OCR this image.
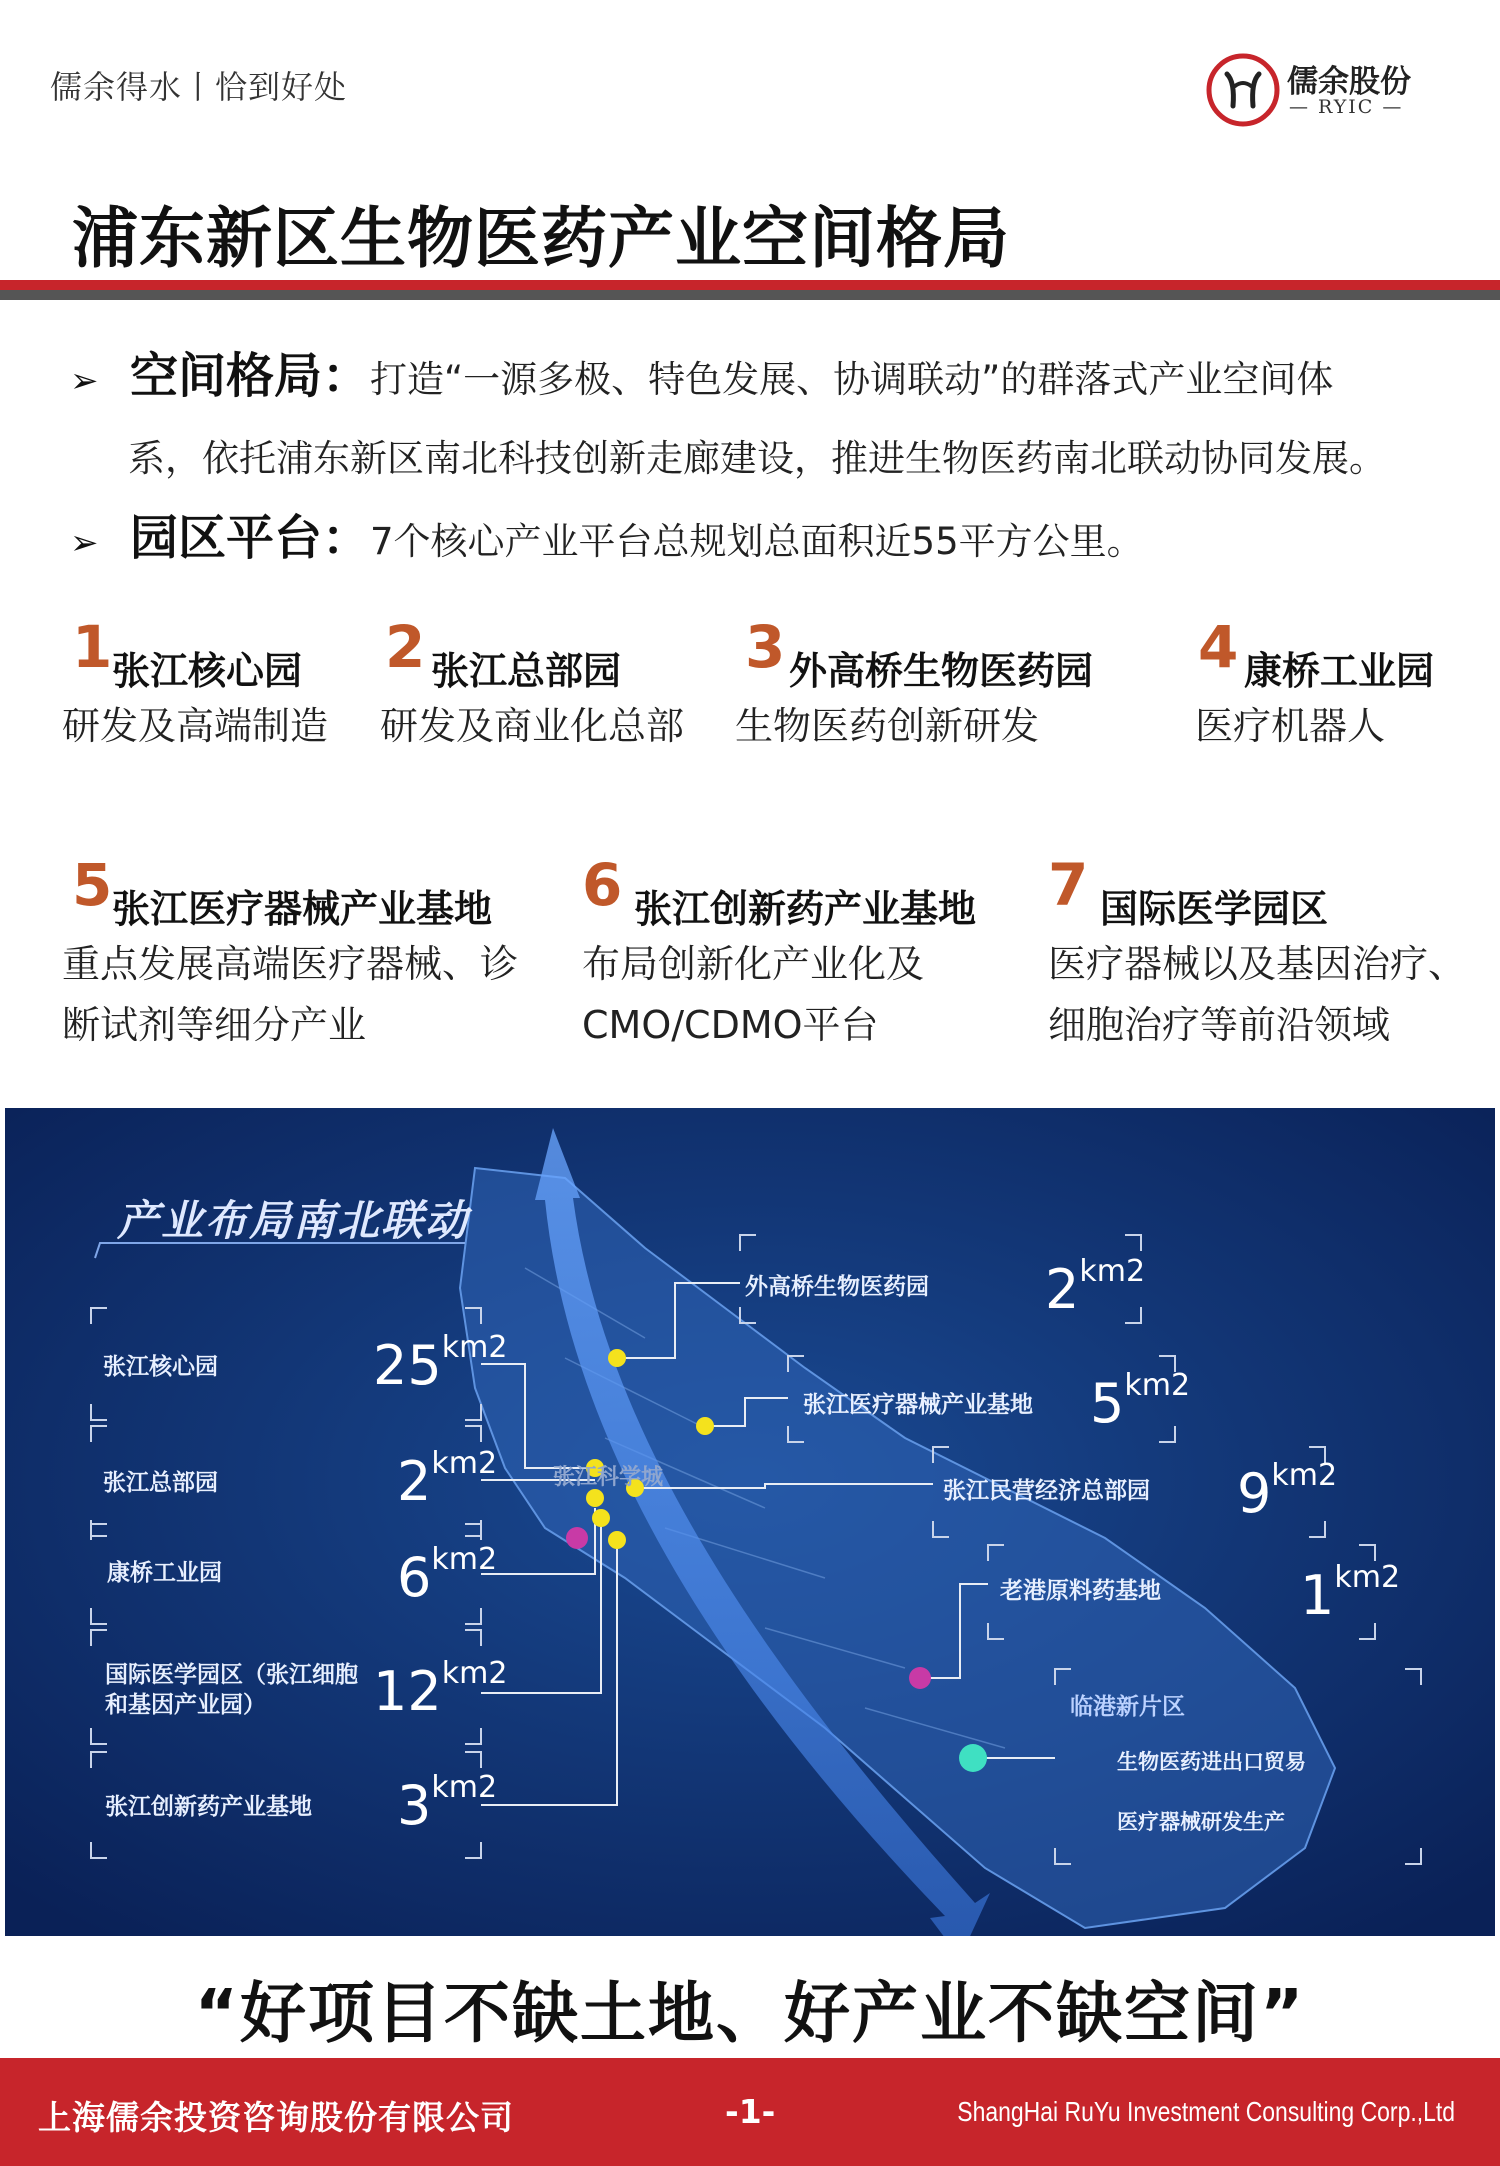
儒余得水丨恰到好处	儒余股份
— RYIC —
浦东新区生物医药产业空间格局
➢ 空间格局：打造“一源多极、特色发展、协调联动”的群落式产业空间体
系，依托浦东新区南北科技创新走廊建设，推进生物医药南北联动协同发展。
➢ 园区平台：7个核心产业平台总规划总面积近55平方公里。
1 张江核心园
研发及高端制造
2 张江总部园
研发及商业化总部
3 外高桥生物医药园
生物医药创新研发
4 康桥工业园
医疗机器人
5 张江医疗器械产业基地
重点发展高端医疗器械、诊
断试剂等细分产业
6 张江创新药产业基地
布局创新化产业化及
CMO/CDMO平台
7 国际医学园区
医疗器械以及基因治疗、
细胞治疗等前沿领域
产业布局南北联动
张江科学城
张江核心园	$25^{km2}$
张江总部园	$2^{km2}$
康桥工业园	$6^{km2}$
国际医学园区（张江细胞
和基因产业园） $12^{km2}$
张江创新药产业基地 $3^{km2}$
外高桥生物医药园 $2^{km2}$
张江医疗器械产业基地 $5^{km2}$
张江民营经济总部园 $9^{km2}$
老港原料药基地	$1^{km2}$
临港新片区
生物医药进出口贸易
医疗器械研发生产
“好项目不缺土地、好产业不缺空间”
上海儒余投资咨询股份有限公司	-1-	ShangHai RuYu Investment Consulting Corp.,Ltd
